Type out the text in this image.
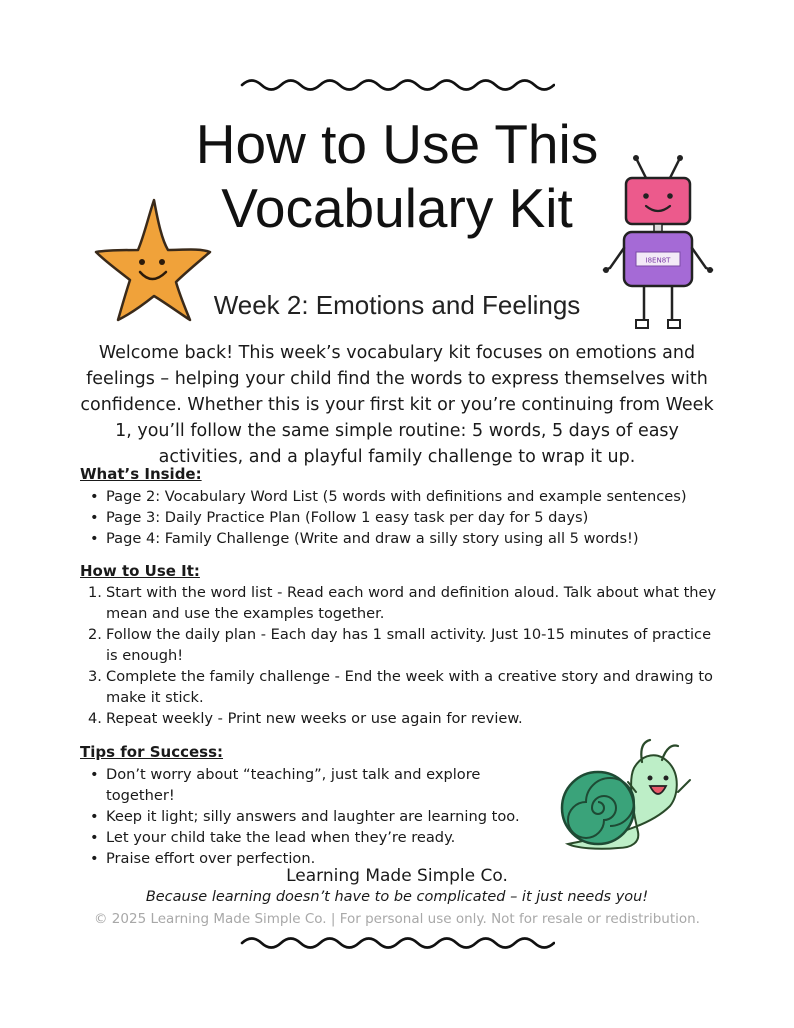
How to Use This
Vocabulary Kit
I8EN8T
Week 2: Emotions and Feelings
Welcome back! This week’s vocabulary kit focuses on emotions and feelings – helping your child find the words to express themselves with confidence. Whether this is your first kit or you’re continuing from Week 1, you’ll follow the same simple routine: 5 words, 5 days of easy activities, and a playful family challenge to wrap it up.
What’s Inside:
• Page 2: Vocabulary Word List (5 words with definitions and example sentences)
• Page 3: Daily Practice Plan (Follow 1 easy task per day for 5 days)
• Page 4: Family Challenge (Write and draw a silly story using all 5 words!)
How to Use It:
1. Start with the word list - Read each word and definition aloud. Talk about what they mean and use the examples together.
2. Follow the daily plan - Each day has 1 small activity. Just 10-15 minutes of practice is enough!
3. Complete the family challenge - End the week with a creative story and drawing to make it stick.
4. Repeat weekly - Print new weeks or use again for review.
Tips for Success:
• Don’t worry about “teaching”, just talk and explore together!
• Keep it light; silly answers and laughter are learning too.
• Let your child take the lead when they’re ready.
• Praise effort over perfection.
Learning Made Simple Co.
Because learning doesn’t have to be complicated – it just needs you!
© 2025 Learning Made Simple Co. | For personal use only. Not for resale or redistribution.
